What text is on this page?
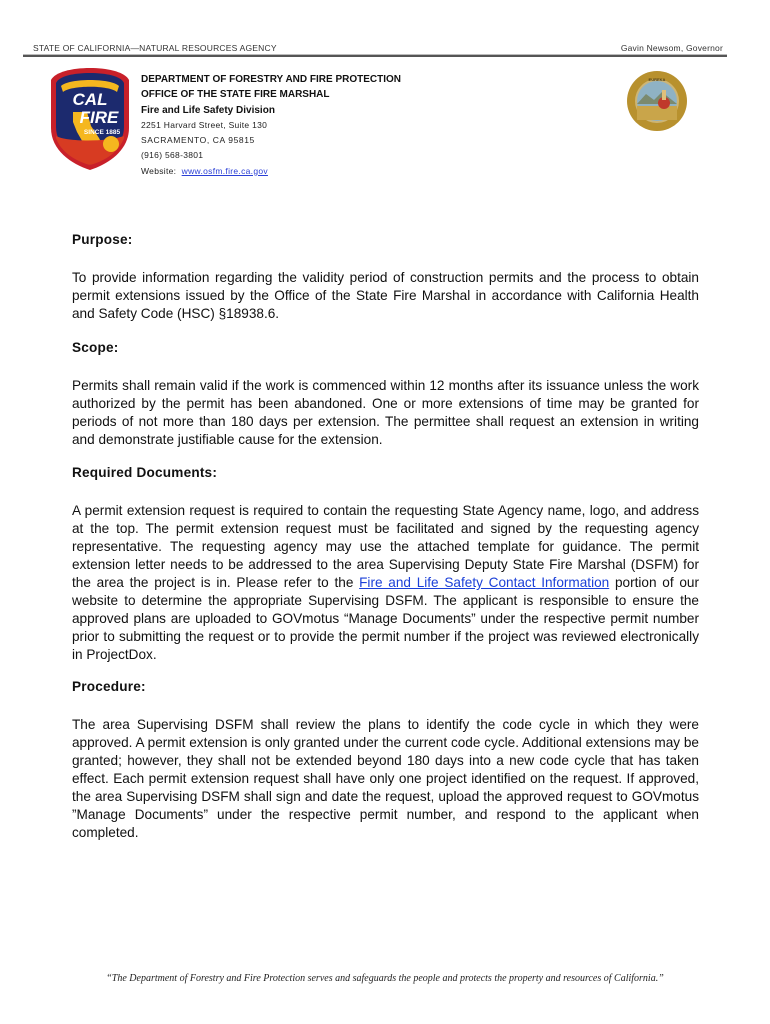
STATE OF CALIFORNIA—NATURAL RESOURCES AGENCY	Gavin Newsom, Governor
CAL
FIRE
SINCE 1885
EUREKA
DEPARTMENT OF FORESTRY AND FIRE PROTECTION
OFFICE OF THE STATE FIRE MARSHAL
Fire and Life Safety Division
2251 Harvard Street, Suite 130
SACRAMENTO, CA 95815
(916) 568-3801
Website: www.osfm.fire.ca.gov
Purpose:

To provide information regarding the validity period of construction permits and the process to obtain permit extensions issued by the Office of the State Fire Marshal in accordance with California Health and Safety Code (HSC) §18938.6.

Scope:

Permits shall remain valid if the work is commenced within 12 months after its issuance unless the work authorized by the permit has been abandoned. One or more extensions of time may be granted for periods of not more than 180 days per extension. The permittee shall request an extension in writing and demonstrate justifiable cause for the extension.

Required Documents:

A permit extension request is required to contain the requesting State Agency name, logo, and address at the top. The permit extension request must be facilitated and signed by the requesting agency representative. The requesting agency may use the attached template for guidance. The permit extension letter needs to be addressed to the area Supervising Deputy State Fire Marshal (DSFM) for the area the project is in. Please refer to the Fire and Life Safety Contact Information portion of our website to determine the appropriate Supervising DSFM. The applicant is responsible to ensure the approved plans are uploaded to GOVmotus “Manage Documents” under the respective permit number prior to submitting the request or to provide the permit number if the project was reviewed electronically in ProjectDox.

Procedure:

The area Supervising DSFM shall review the plans to identify the code cycle in which they were approved. A permit extension is only granted under the current code cycle. Additional extensions may be granted; however, they shall not be extended beyond 180 days into a new code cycle that has taken effect. Each permit extension request shall have only one project identified on the request. If approved, the area Supervising DSFM shall sign and date the request, upload the approved request to GOVmotus ”Manage Documents” under the respective permit number, and respond to the applicant when completed.

“The Department of Forestry and Fire Protection serves and safeguards the people and protects the property and resources of California.”
